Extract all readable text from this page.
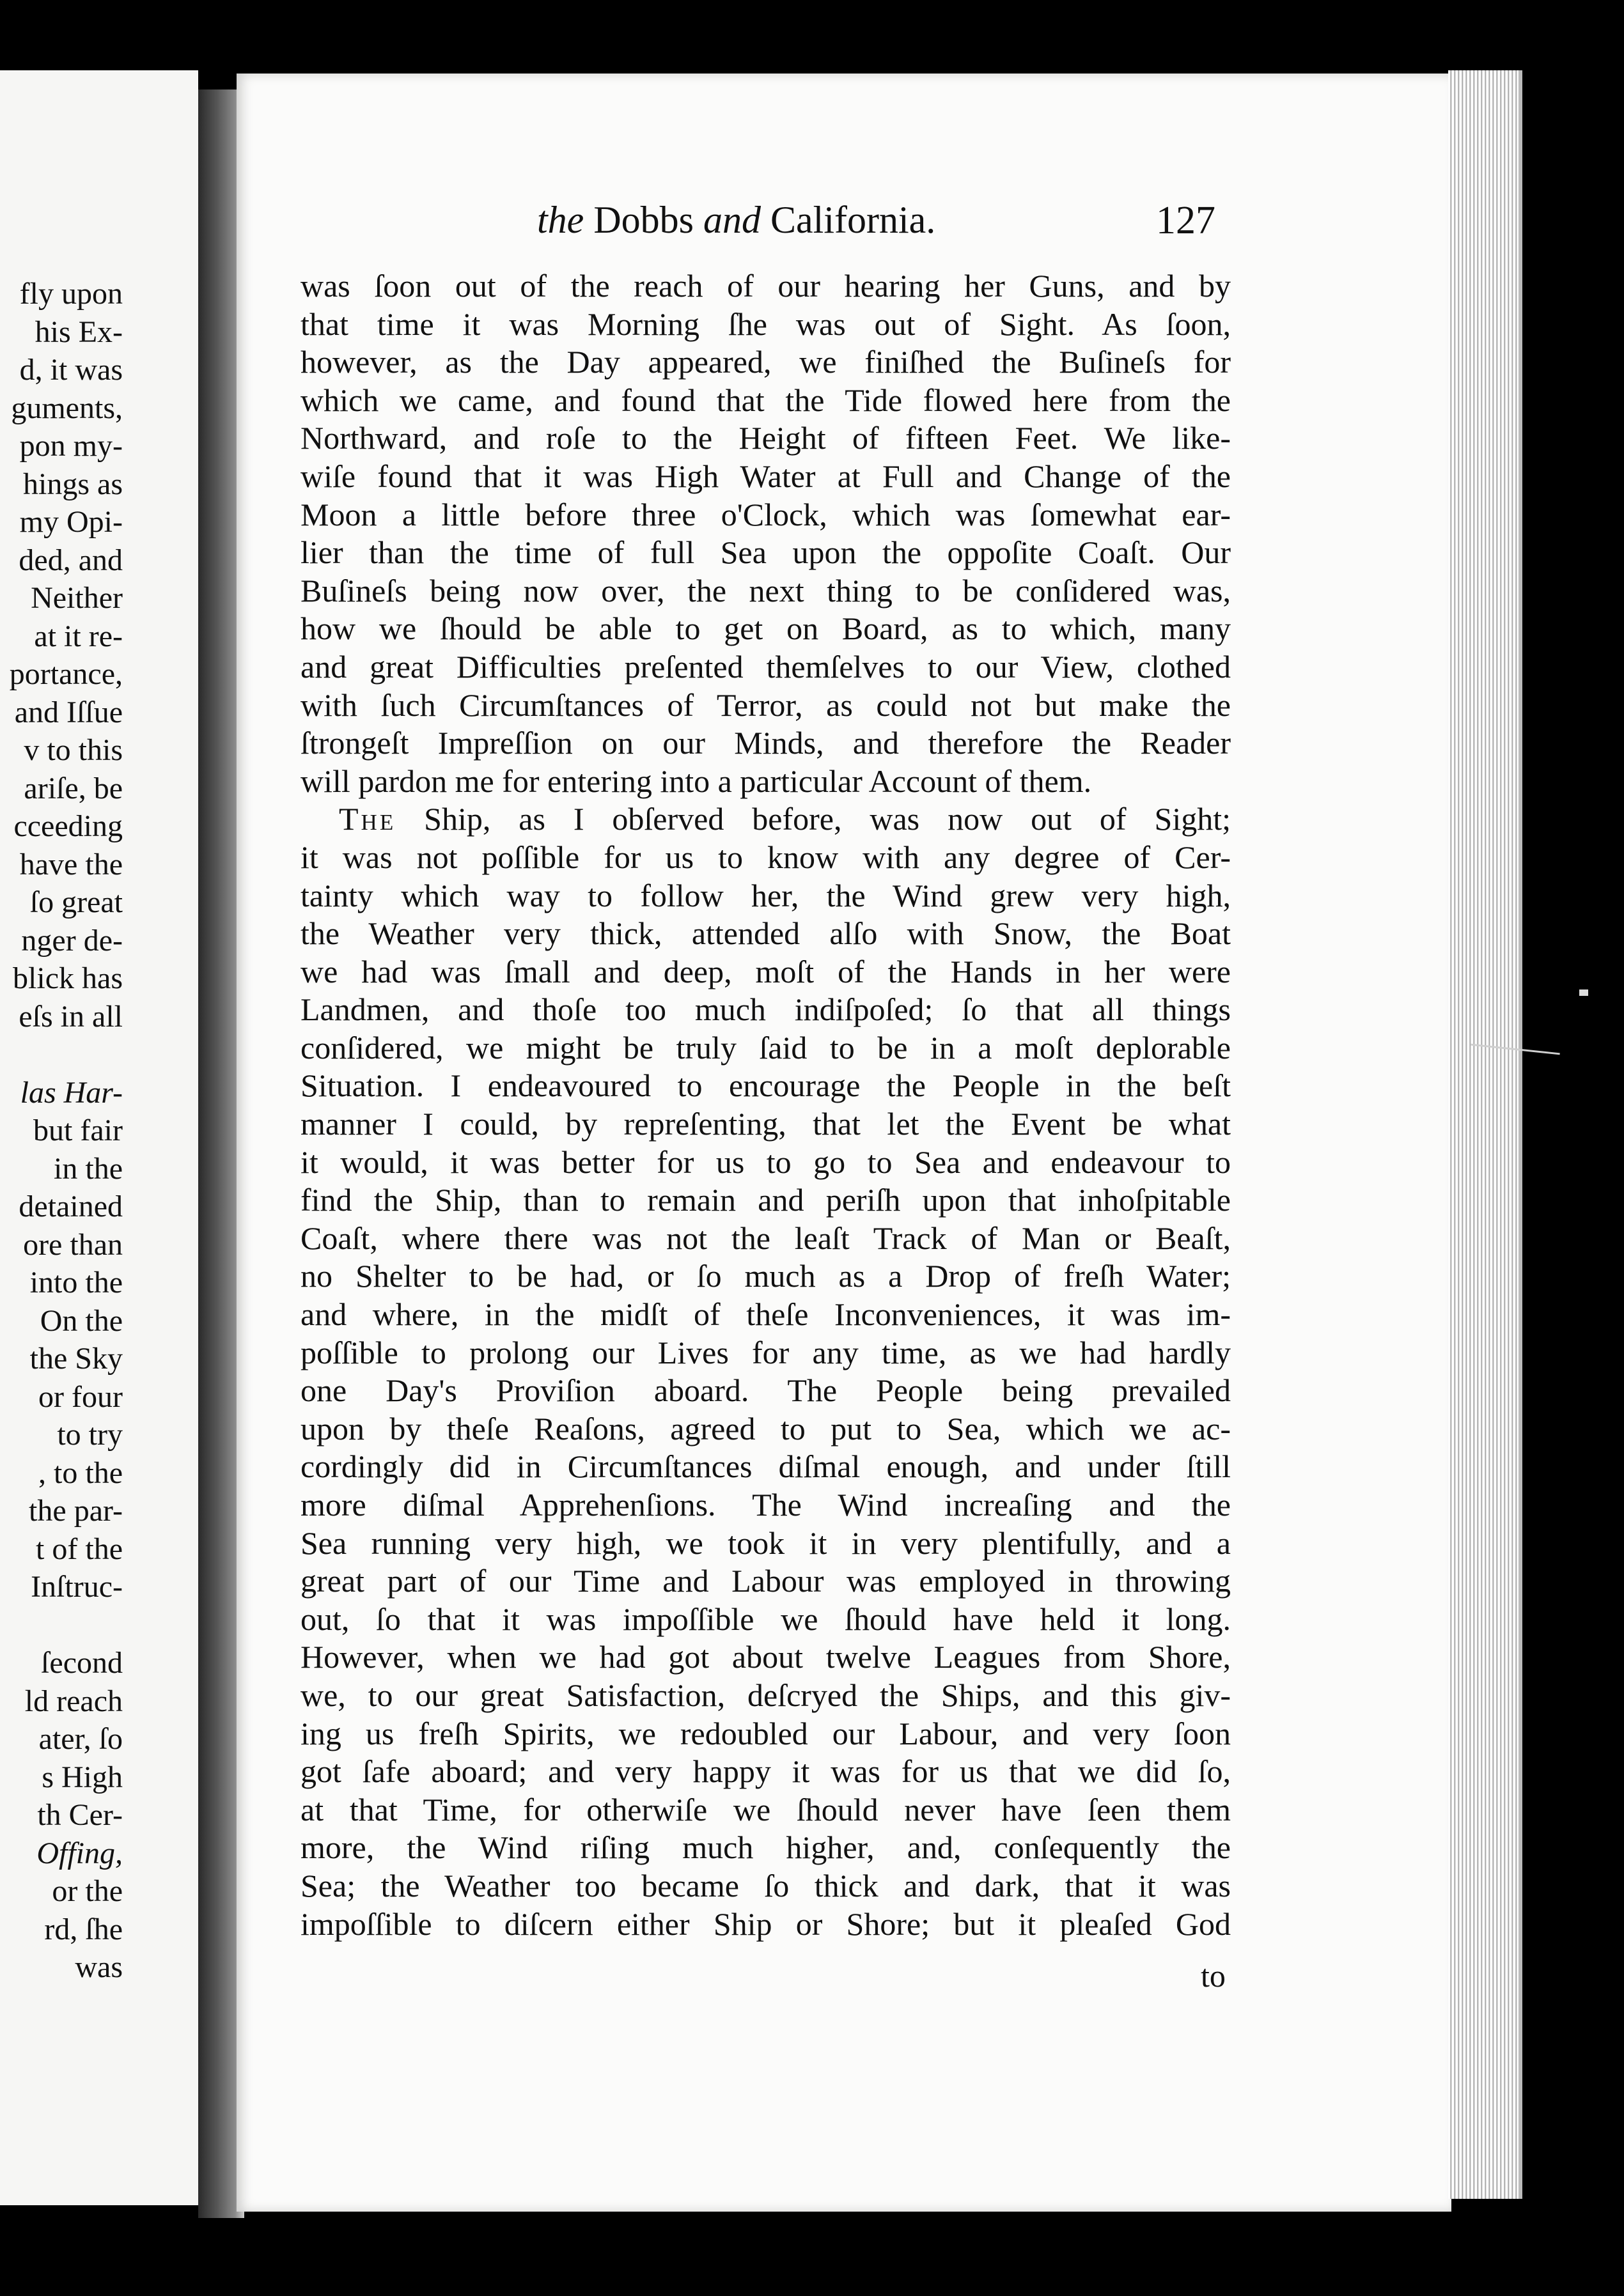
fly upon
his Ex-
d, it was
guments,
pon my-
hings as
my Opi-
ded, and
Neither
at it re-
portance,
and Iſſue
v to this
ariſe, be
cceeding
have the
ſo great
nger de-
blick has
eſs in all
las Har-
but fair
in the
detained
ore than
into the
On the
the Sky
or four
to try
, to the
the par-
t of the
Inſtruc-
ſecond
ld reach
ater, ſo
s High
th Cer-
Offing,
or the
rd, ſhe
was
the Dobbs and California.	127
was ſoon out of the reach of our hearing her Guns, and by
that time it was Morning ſhe was out of Sight. As ſoon,
however, as the Day appeared, we finiſhed the Buſineſs for
which we came, and found that the Tide flowed here from the
Northward, and roſe to the Height of fifteen Feet. We like-
wiſe found that it was High Water at Full and Change of the
Moon a little before three o'Clock, which was ſomewhat ear-
lier than the time of full Sea upon the oppoſite Coaſt. Our
Buſineſs being now over, the next thing to be conſidered was,
how we ſhould be able to get on Board, as to which, many
and great Difficulties preſented themſelves to our View, clothed
with ſuch Circumſtances of Terror, as could not but make the
ſtrongeſt Impreſſion on our Minds, and therefore the Reader
will pardon me for entering into a particular Account of them.
The Ship, as I obſerved before, was now out of Sight;
it was not poſſible for us to know with any degree of Cer-
tainty which way to follow her, the Wind grew very high,
the Weather very thick, attended alſo with Snow, the Boat
we had was ſmall and deep, moſt of the Hands in her were
Landmen, and thoſe too much indiſpoſed; ſo that all things
conſidered, we might be truly ſaid to be in a moſt deplorable
Situation. I endeavoured to encourage the People in the beſt
manner I could, by repreſenting, that let the Event be what
it would, it was better for us to go to Sea and endeavour to
find the Ship, than to remain and periſh upon that inhoſpitable
Coaſt, where there was not the leaſt Track of Man or Beaſt,
no Shelter to be had, or ſo much as a Drop of freſh Water;
and where, in the midſt of theſe Inconveniences, it was im-
poſſible to prolong our Lives for any time, as we had hardly
one Day's Proviſion aboard. The People being prevailed
upon by theſe Reaſons, agreed to put to Sea, which we ac-
cordingly did in Circumſtances diſmal enough, and under ſtill
more diſmal Apprehenſions. The Wind increaſing and the
Sea running very high, we took it in very plentifully, and a
great part of our Time and Labour was employed in throwing
out, ſo that it was impoſſible we ſhould have held it long.
However, when we had got about twelve Leagues from Shore,
we, to our great Satisfaction, deſcryed the Ships, and this giv-
ing us freſh Spirits, we redoubled our Labour, and very ſoon
got ſafe aboard; and very happy it was for us that we did ſo,
at that Time, for otherwiſe we ſhould never have ſeen them
more, the Wind riſing much higher, and, conſequently the
Sea; the Weather too became ſo thick and dark, that it was
impoſſible to diſcern either Ship or Shore; but it pleaſed God
to
